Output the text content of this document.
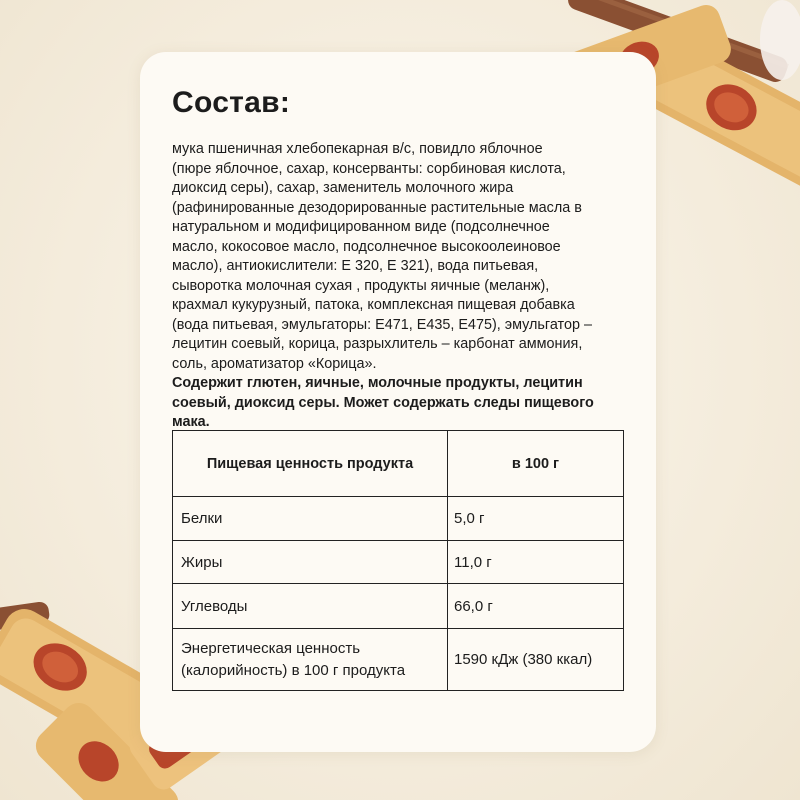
Состав:
мука пшеничная хлебопекарная в/с, повидло яблочное
(пюре яблочное, сахар, консерванты: сорбиновая кислота,
диоксид серы), сахар, заменитель молочного жира
(рафинированные дезодорированные растительные масла в
натуральном и модифицированном виде (подсолнечное
масло, кокосовое масло, подсолнечное высокоолеиновое
масло), антиокислители: Е 320, Е 321), вода питьевая,
сыворотка молочная сухая , продукты яичные (меланж),
крахмал кукурузный, патока, комплексная пищевая добавка
(вода питьевая, эмульгаторы: Е471, Е435, Е475), эмульгатор –
лецитин соевый, корица, разрыхлитель – карбонат аммония,
соль, ароматизатор «Корица».
Содержит глютен, яичные, молочные продукты, лецитин
соевый, диоксид серы. Может содержать следы пищевого
мака.
Пищевая ценность продукта	в 100 г
Белки	5,0 г
Жиры	11,0 г
Углеводы	66,0 г

Энергетическая ценность
(калорийность) в 100 г продукта	1590 кДж (380 ккал)
